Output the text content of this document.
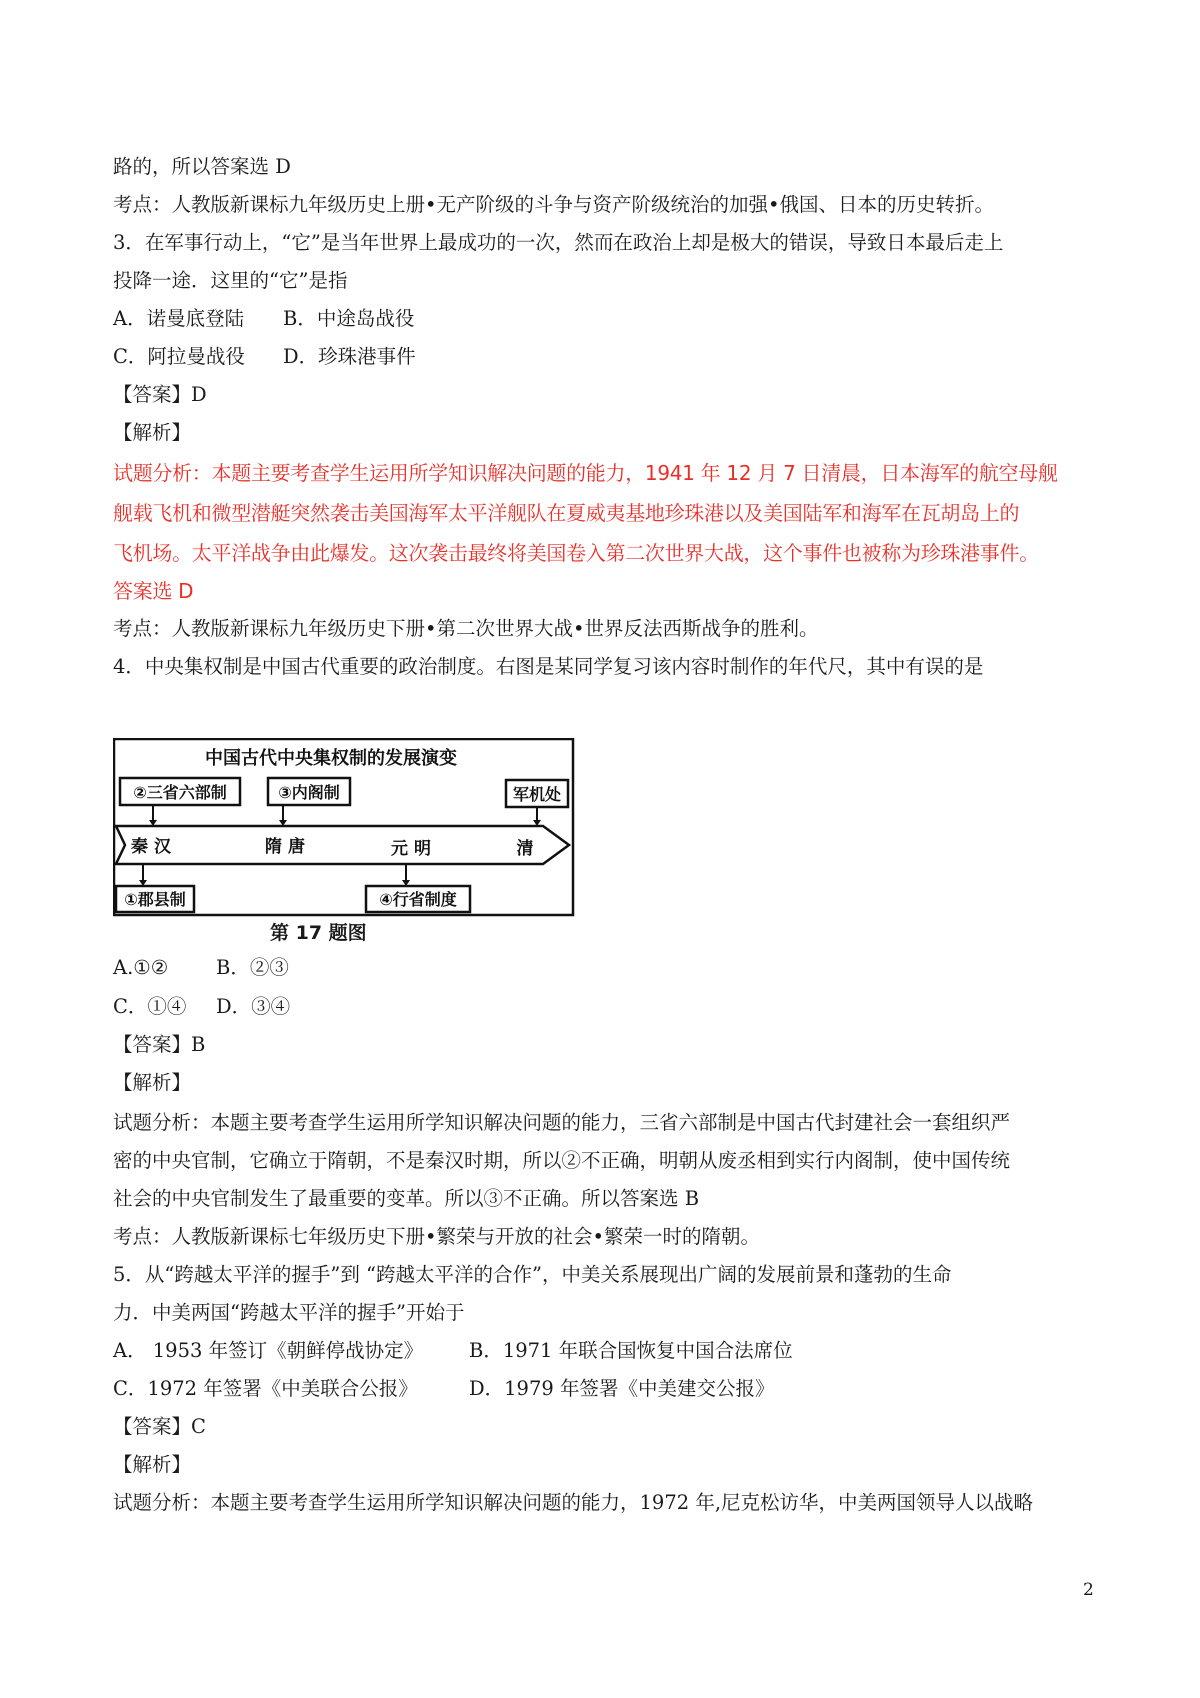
路的，所以答案选 D
考点：人教版新课标九年级历史上册•无产阶级的斗争与资产阶级统治的加强•俄国、日本的历史转折。
3．在军事行动上，“它”是当年世界上最成功的一次，然而在政治上却是极大的错误，导致日本最后走上
投降一途．这里的“它”是指
A．诺曼底登陆 B．中途岛战役
C．阿拉曼战役 D．珍珠港事件
【答案】D
【解析】
试题分析：本题主要考查学生运用所学知识解决问题的能力，1941 年 12 月 7 日清晨，日本海军的航空母舰
舰载飞机和微型潜艇突然袭击美国海军太平洋舰队在夏威夷基地珍珠港以及美国陆军和海军在瓦胡岛上的
飞机场。太平洋战争由此爆发。这次袭击最终将美国卷入第二次世界大战，这个事件也被称为珍珠港事件。
答案选 D
考点：人教版新课标九年级历史下册•第二次世界大战•世界反法西斯战争的胜利。
4．中央集权制是中国古代重要的政治制度。右图是某同学复习该内容时制作的年代尺，其中有误的是
中国古代中央集权制的发展演变
②三省六部制	③内阁制	军机处
秦 汉	隋 唐	元 明	清
①郡县制	④行省制度
第 17 题图
A.①② B．②③
C．①④ D．③④
【答案】B
【解析】
试题分析：本题主要考查学生运用所学知识解决问题的能力，三省六部制是中国古代封建社会一套组织严
密的中央官制，它确立于隋朝，不是秦汉时期，所以②不正确，明朝从废丞相到实行内阁制，使中国传统
社会的中央官制发生了最重要的变革。所以③不正确。所以答案选 B
考点：人教版新课标七年级历史下册•繁荣与开放的社会•繁荣一时的隋朝。
5．从“跨越太平洋的握手”到 “跨越太平洋的合作”，中美关系展现出广阔的发展前景和蓬勃的生命
力．中美两国“跨越太平洋的握手”开始于
A． 1953 年签订《朝鲜停战协定》 B．1971 年联合国恢复中国合法席位
C．1972 年签署《中美联合公报》	D．1979 年签署《中美建交公报》
【答案】C
【解析】
试题分析：本题主要考查学生运用所学知识解决问题的能力，1972 年,尼克松访华，中美两国领导人以战略
2
